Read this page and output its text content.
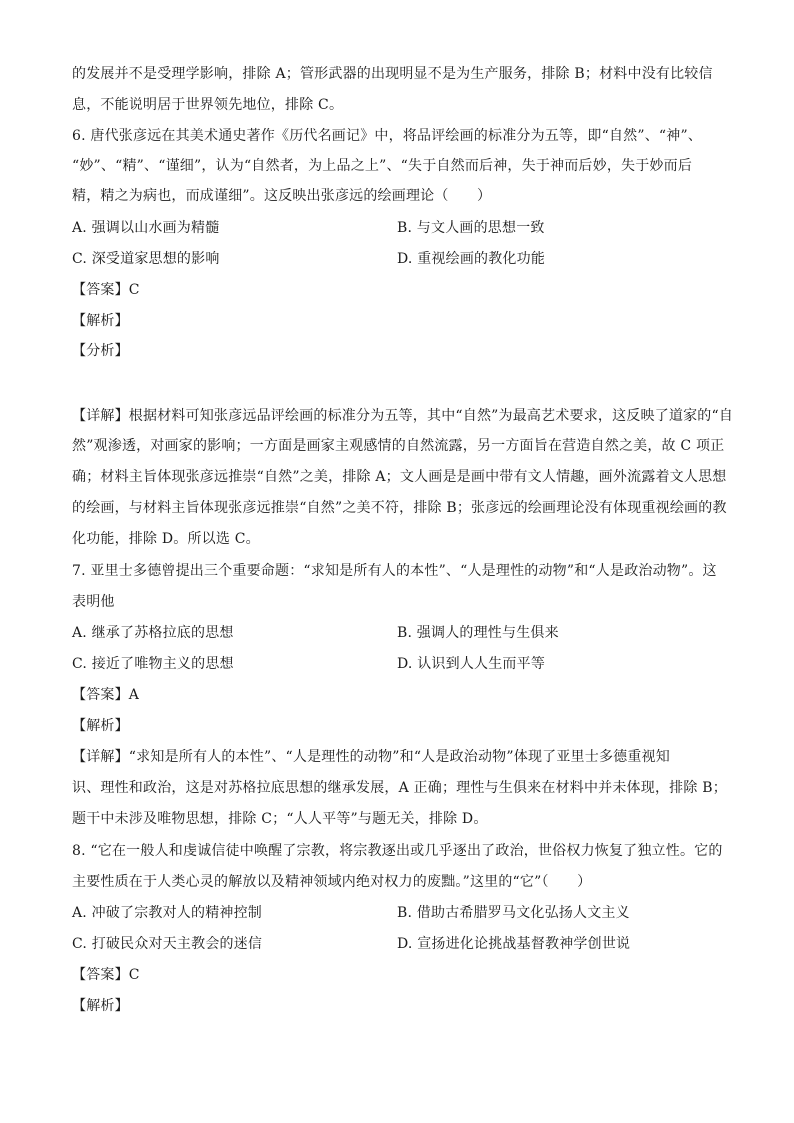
的发展并不是受理学影响，排除 A；管形武器的出现明显不是为生产服务，排除 B；材料中没有比较信
息，不能说明居于世界领先地位，排除 C。
6. 唐代张彦远在其美术通史著作《历代名画记》中，将品评绘画的标准分为五等，即“自然”、“神”、
“妙”、“精”、“谨细”，认为“自然者，为上品之上”、“失于自然而后神，失于神而后妙，失于妙而后
精，精之为病也，而成谨细”。这反映出张彦远的绘画理论（　　）
A. 强调以山水画为精髓	B. 与文人画的思想一致
C. 深受道家思想的影响	D. 重视绘画的教化功能
【答案】C
【解析】
【分析】
【详解】根据材料可知张彦远品评绘画的标准分为五等，其中“自然”为最高艺术要求，这反映了道家的“自
然”观渗透，对画家的影响；一方面是画家主观感情的自然流露，另一方面旨在营造自然之美，故 C 项正
确；材料主旨体现张彦远推崇“自然”之美，排除 A；文人画是是画中带有文人情趣，画外流露着文人思想
的绘画，与材料主旨体现张彦远推崇“自然”之美不符，排除 B；张彦远的绘画理论没有体现重视绘画的教
化功能，排除 D。所以选 C。
7. 亚里士多德曾提出三个重要命题：“求知是所有人的本性”、“人是理性的动物”和“人是政治动物”。这
表明他
A. 继承了苏格拉底的思想	B. 强调人的理性与生俱来
C. 接近了唯物主义的思想	D. 认识到人人生而平等
【答案】A
【解析】
【详解】“求知是所有人的本性”、“人是理性的动物”和“人是政治动物”体现了亚里士多德重视知
识、理性和政治，这是对苏格拉底思想的继承发展，A 正确；理性与生俱来在材料中并未体现，排除 B；
题干中未涉及唯物思想，排除 C；“人人平等”与题无关，排除 D。
8. “它在一般人和虔诚信徒中唤醒了宗教，将宗教逐出或几乎逐出了政治，世俗权力恢复了独立性。它的
主要性质在于人类心灵的解放以及精神领域内绝对权力的废黜。”这里的“它”（　　）
A. 冲破了宗教对人的精神控制	B. 借助古希腊罗马文化弘扬人文主义
C. 打破民众对天主教会的迷信	D. 宣扬进化论挑战基督教神学创世说
【答案】C
【解析】
